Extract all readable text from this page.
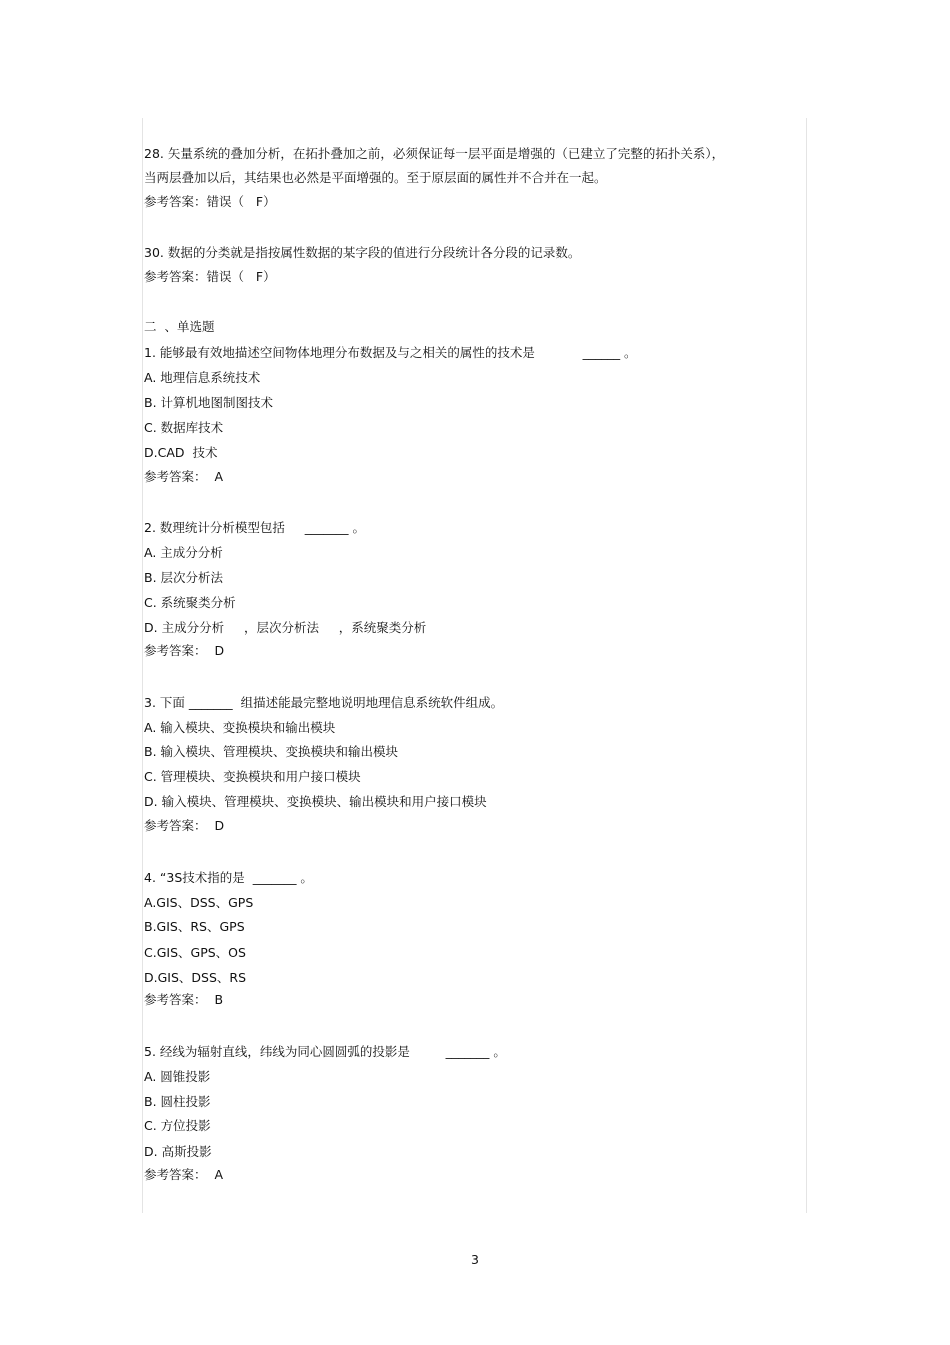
28. 矢量系统的叠加分析，在拓扑叠加之前，必须保证每一层平面是增强的（已建立了完整的拓扑关系），

当两层叠加以后，其结果也必然是平面增强的。至于原层面的属性并不合并在一起。

参考答案：错误（   F）

30. 数据的分类就是指按属性数据的某字段的值进行分段统计各分段的记录数。

参考答案：错误（   F）

二  、单选题

1. 能够最有效地描述空间物体地理分布数据及与之相关的属性的技术是            ______ 。

A. 地理信息系统技术

B. 计算机地图制图技术

C. 数据库技术

D.CAD  技术

参考答案：  A

2. 数理统计分析模型包括     _______ 。

A. 主成分分析

B. 层次分析法

C. 系统聚类分析

D. 主成分分析     ，层次分析法     ，系统聚类分析

参考答案：  D

3. 下面 _______  组描述能最完整地说明地理信息系统软件组成。

A. 输入模块、变换模块和输出模块

B. 输入模块、管理模块、变换模块和输出模块

C. 管理模块、变换模块和用户接口模块

D. 输入模块、管理模块、变换模块、输出模块和用户接口模块

参考答案：  D

4. “3S技术指的是  _______ 。

A.GIS、DSS、GPS

B.GIS、RS、GPS

C.GIS、GPS、OS

D.GIS、DSS、RS

参考答案：  B

5. 经线为辐射直线，纬线为同心圆圆弧的投影是         _______ 。

A. 圆锥投影

B. 圆柱投影

C. 方位投影

D. 高斯投影

参考答案：  A

3
